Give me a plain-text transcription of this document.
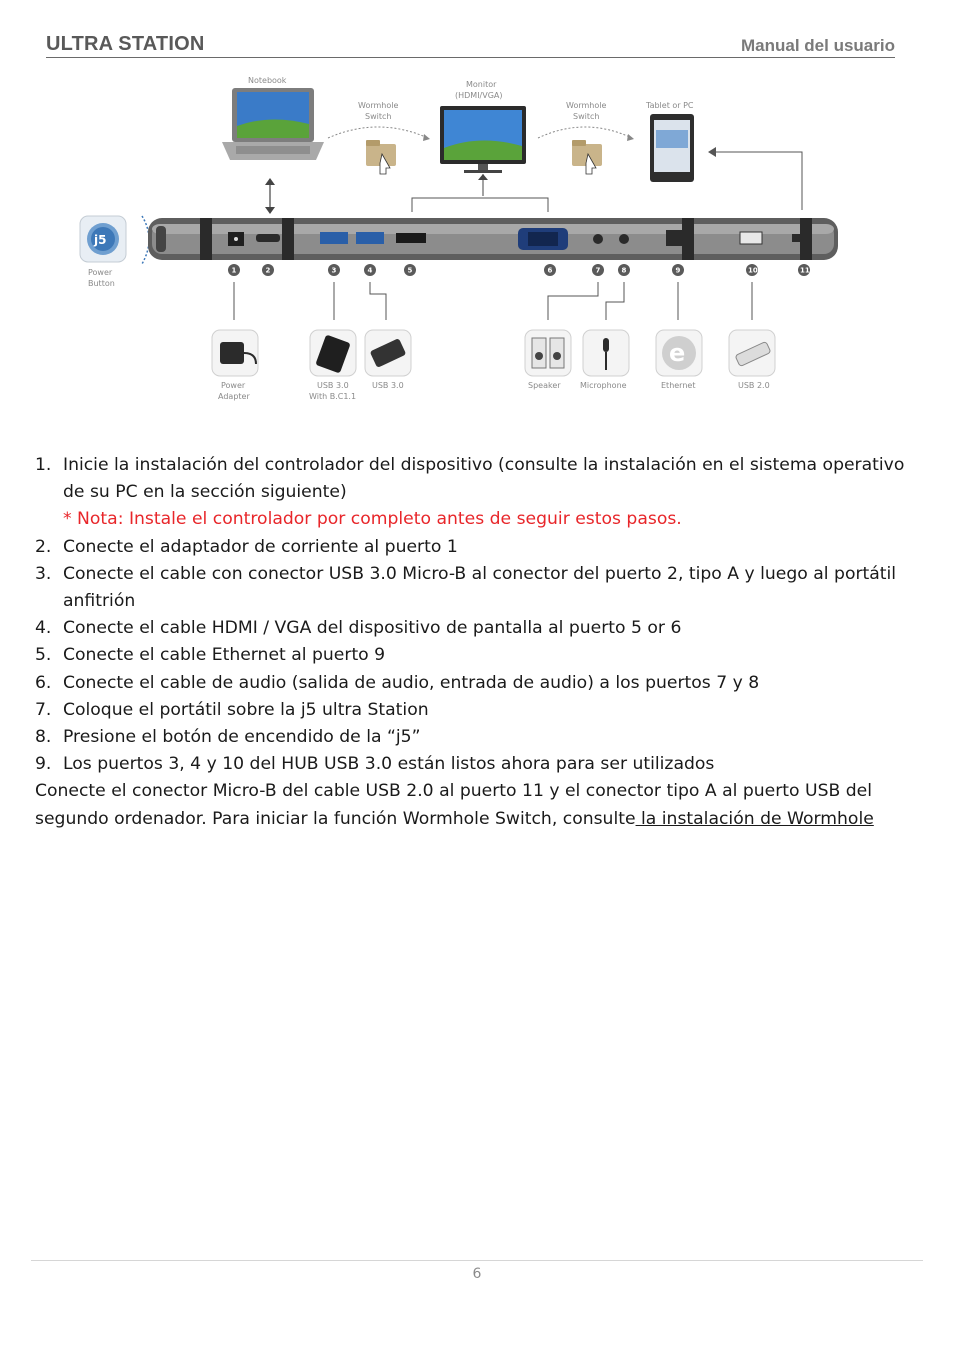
ULTRA STATION	Manual del usuario
Notebook
Wormhole
Switch
Monitor
(HDMI/VGA)
Wormhole
Switch
Tablet or PC
j5
Power
Button
1	2	3	4	5	6	7	8	9	10	11
Power
Adapter
USB 3.0
With B.C1.1
USB 3.0	Speaker Microphone
e
Ethernet	USB 2.0
1. Inicie la instalación del controlador del dispositivo (consulte la instalación en el sistema operativo de su PC en la sección siguiente)
* Nota: Instale el controlador por completo antes de seguir estos pasos.
2. Conecte el adaptador de corriente al puerto 1
3. Conecte el cable con conector USB 3.0 Micro-B al conector del puerto 2, tipo A y luego al portátil anfitrión
4. Conecte el cable HDMI / VGA del dispositivo de pantalla al puerto 5 or 6
5. Conecte el cable Ethernet al puerto 9
6. Conecte el cable de audio (salida de audio, entrada de audio) a los puertos 7 y 8
7. Coloque el portátil sobre la j5 ultra Station
8. Presione el botón de encendido de la “j5”
9. Los puertos 3, 4 y 10 del HUB USB 3.0 están listos ahora para ser utilizados

Conecte el conector Micro-B del cable USB 2.0 al puerto 11 y el conector tipo A al puerto USB del segundo ordenador. Para iniciar la función Wormhole Switch, consulte la instalación de Wormhole

6
